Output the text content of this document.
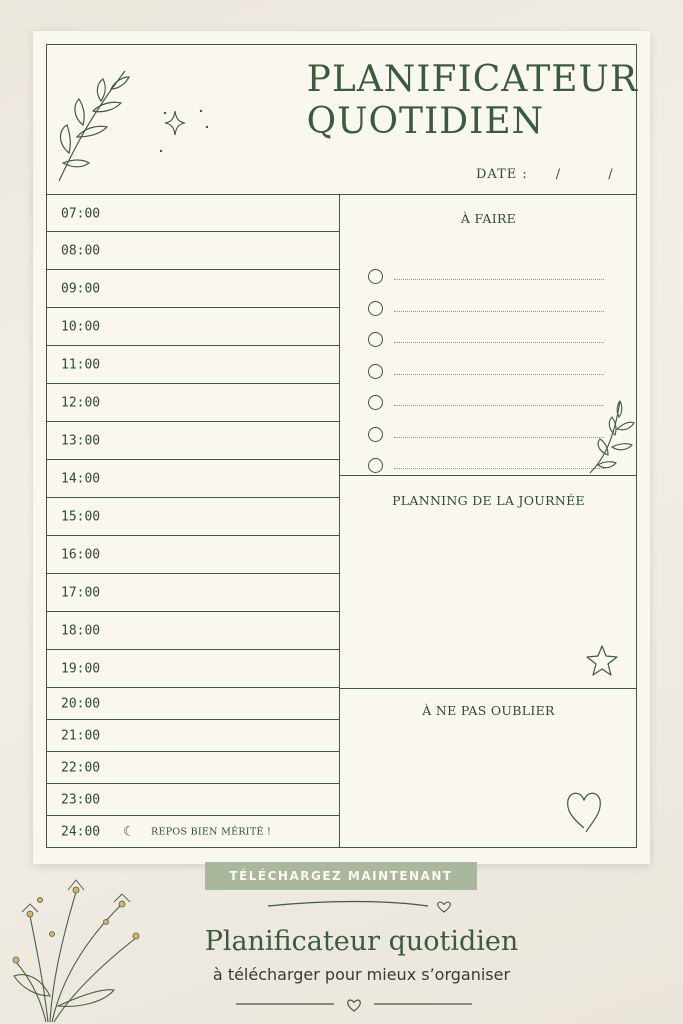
PLANIFICATEUR
QUOTIDIEN
DATE : / /
07:00
08:00
09:00
10:00
11:00
12:00
13:00
14:00
15:00
16:00
17:00
18:00
19:00
20:00
21:00
22:00
23:00
24:00 ☾ REPOS BIEN MÉRITÉ !
À FAIRE
PLANNING DE LA JOURNÉE
À NE PAS OUBLIER
TÉLÉCHARGEZ MAINTENANT
Planificateur quotidien
à télécharger pour mieux s’organiser
